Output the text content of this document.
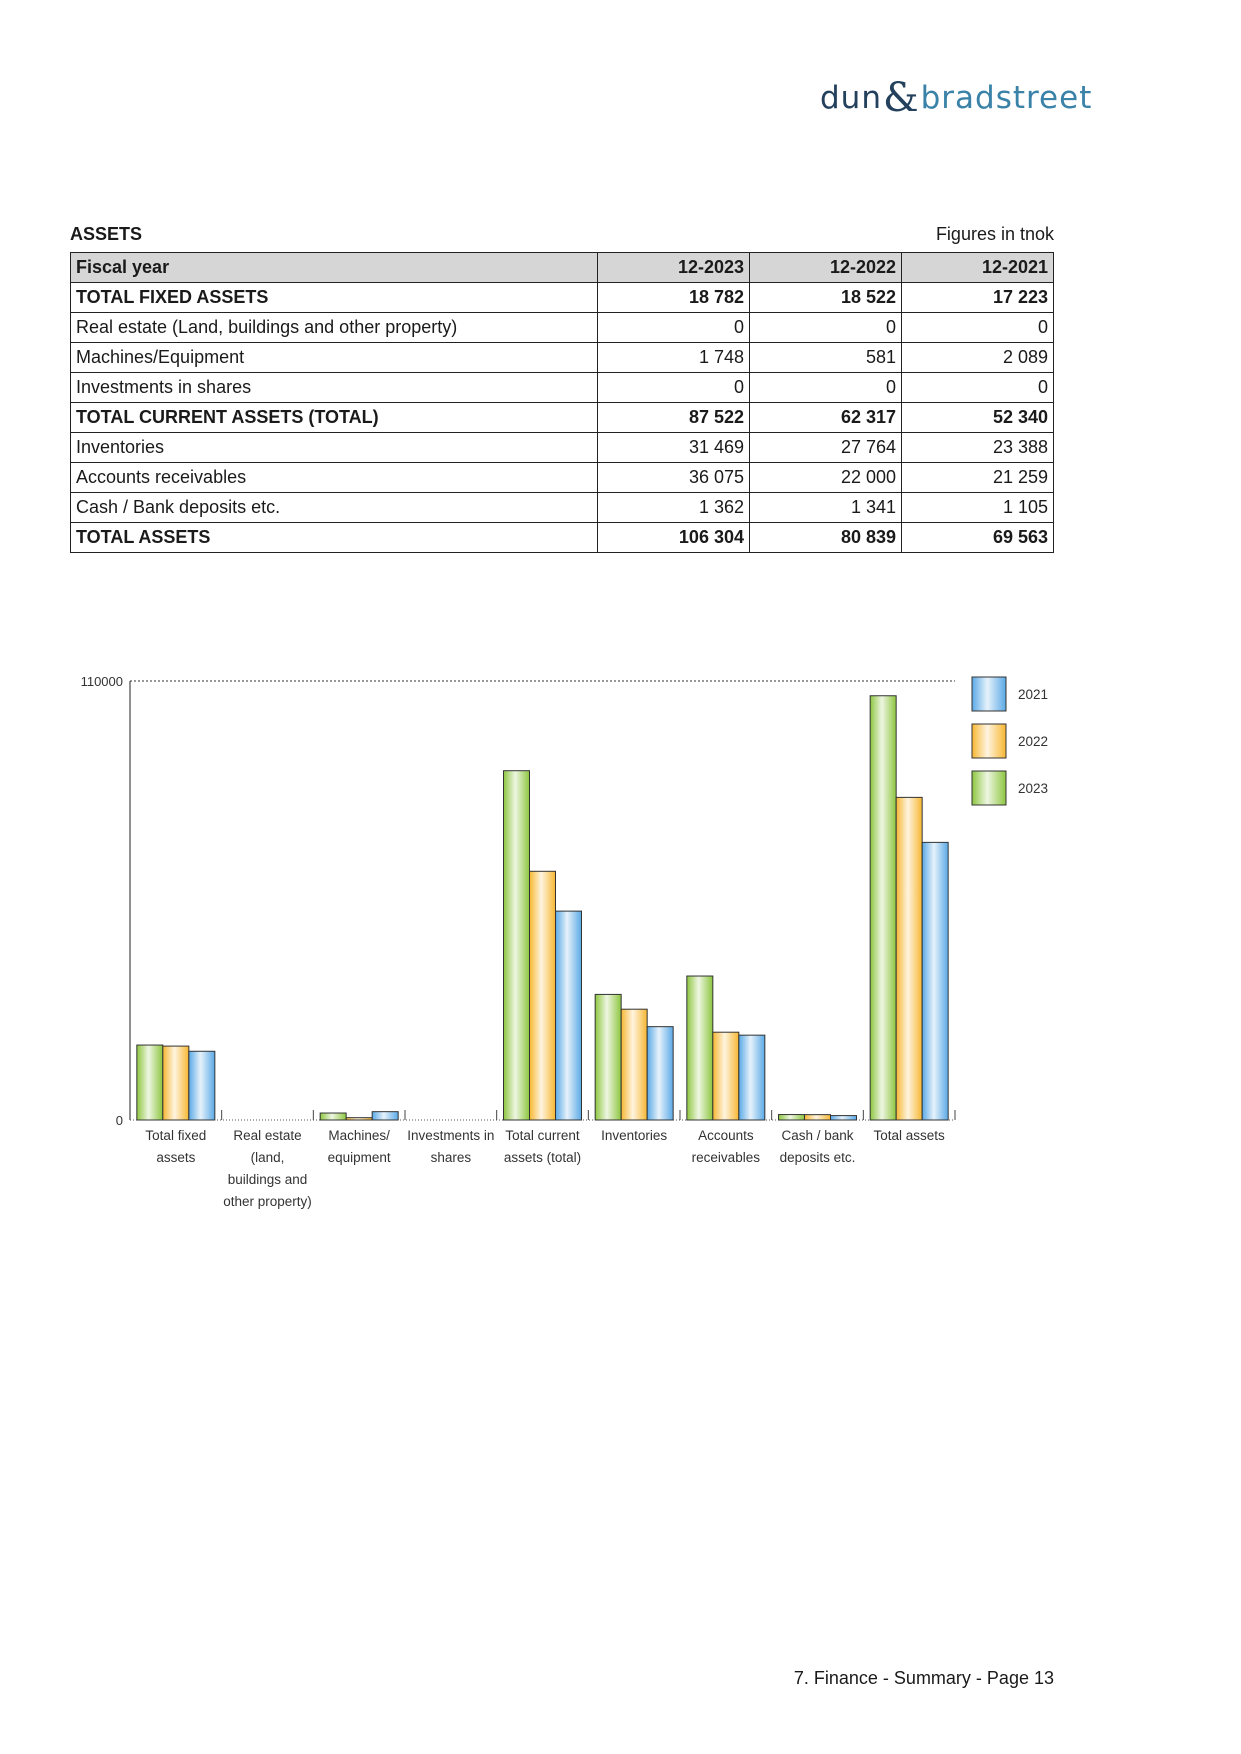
dun & bradstreet
ASSETS	Figures in tnok
Fiscal year	12-2023	12-2022	12-2021
TOTAL FIXED ASSETS	18 782	18 522	17 223
Real estate (Land, buildings and other property)	0	0	0
Machines/Equipment	1 748	581	2 089
Investments in shares	0	0	0
TOTAL CURRENT ASSETS (TOTAL)	87 522	62 317	52 340
Inventories	31 469	27 764	23 388
Accounts receivables	36 075	22 000	21 259
Cash / Bank deposits etc.	1 362	1 341	1 105
TOTAL ASSETS	106 304	80 839	69 563
110000
0
Total fixed assets
Real estate (land, buildings and other property)
Machines/ equipment
Investments in shares
Total current assets (total)
Inventories	Accounts receivables
Cash / bank deposits etc.
Total assets
2021
2022
2023
7. Finance - Summary - Page 13
